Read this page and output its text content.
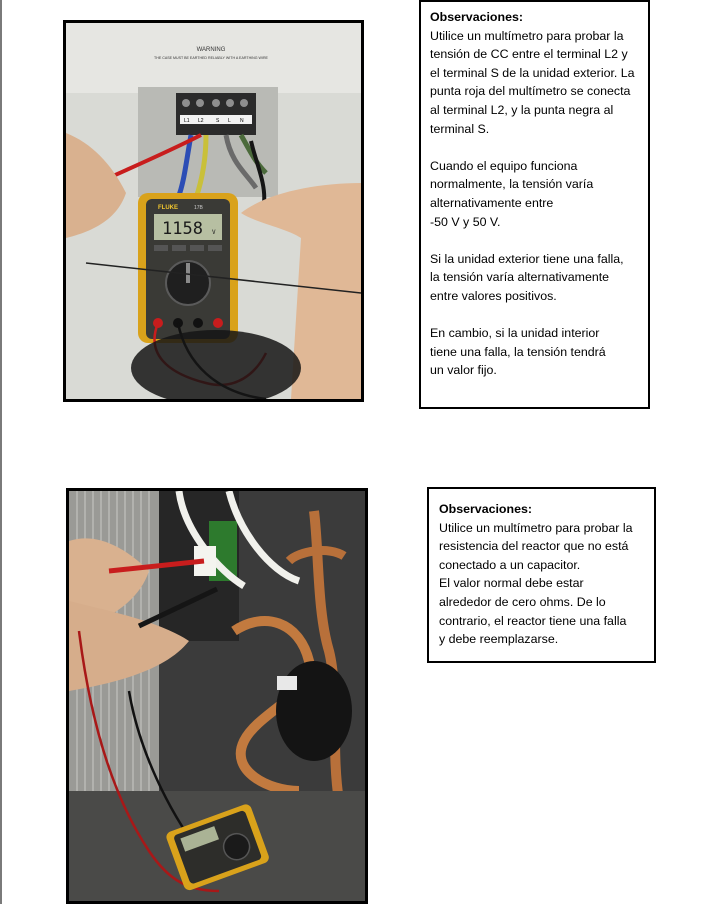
WARNING
THE CASE MUST BE EARTHED RELIABLY WITH A EARTHING WIRE
L1 L2 S L N
FLUKE	17B
1158 V
Observaciones:
Utilice un multímetro para probar la
tensión de CC entre el terminal L2 y
el terminal S de la unidad exterior. La
punta roja del multímetro se conecta
al terminal L2, y la punta negra al
terminal S.
Cuando el equipo funciona
normalmente, la tensión varía
alternativamente entre
-50 V y 50 V.
Si la unidad exterior tiene una falla,
la tensión varía alternativamente
entre valores positivos.
En cambio, si la unidad interior
tiene una falla, la tensión tendrá
un valor fijo.
Observaciones:
Utilice un multímetro para probar la
resistencia del reactor que no está
conectado a un capacitor.
El valor normal debe estar
alrededor de cero ohms. De lo
contrario, el reactor tiene una falla
y debe reemplazarse.
